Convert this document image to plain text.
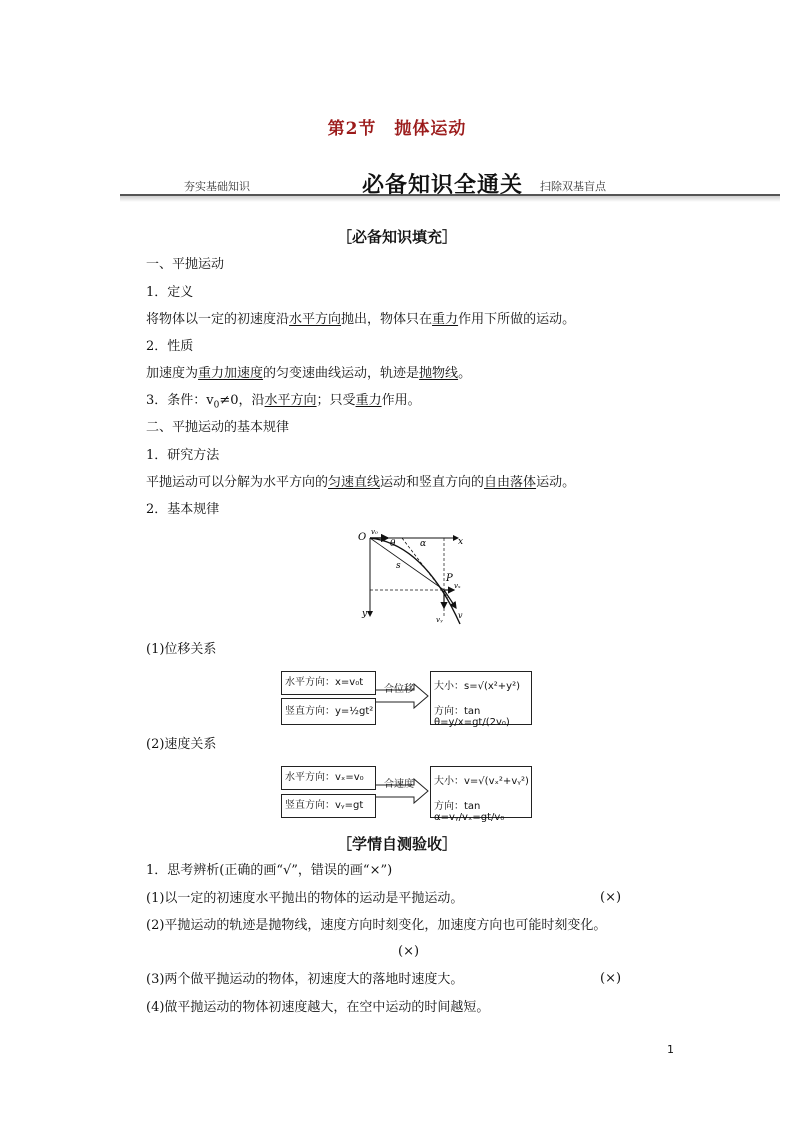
第2节 抛体运动
夯实基础知识	必备知识全通关 扫除双基盲点
［必备知识填充］
一、平抛运动
1．定义
将物体以一定的初速度沿水平方向抛出，物体只在重力作用下所做的运动。
2．性质
加速度为重力加速度的匀变速曲线运动，轨迹是抛物线。
3．条件：$v_0\ne 0$，沿水平方向；只受重力作用。
二、平抛运动的基本规律
1．研究方法
平抛运动可以分解为水平方向的匀速直线运动和竖直方向的自由落体运动。
2．基本规律
O	x
y
v₀
θ	α
s
P
vₓ
vᵧ v
(1)位移关系
水平方向：x=v₀t
竖直方向：y=½gt²
合位移 大小：s=√(x²+y²)
方向：tan θ=y/x=gt/(2v₀)
(2)速度关系
水平方向：vₓ=v₀
竖直方向：vᵧ=gt
合速度 大小：v=√(vₓ²+vᵧ²)
方向：tan α=vᵧ/vₓ=gt/v₀
［学情自测验收］
1．思考辨析(正确的画“√”，错误的画“×”)
(1)以一定的初速度水平抛出的物体的运动是平抛运动。	(×)
(2)平抛运动的轨迹是抛物线，速度方向时刻变化，加速度方向也可能时刻变化。
(×)
(3)两个做平抛运动的物体，初速度大的落地时速度大。	(×)
(4)做平抛运动的物体初速度越大，在空中运动的时间越短。
1
